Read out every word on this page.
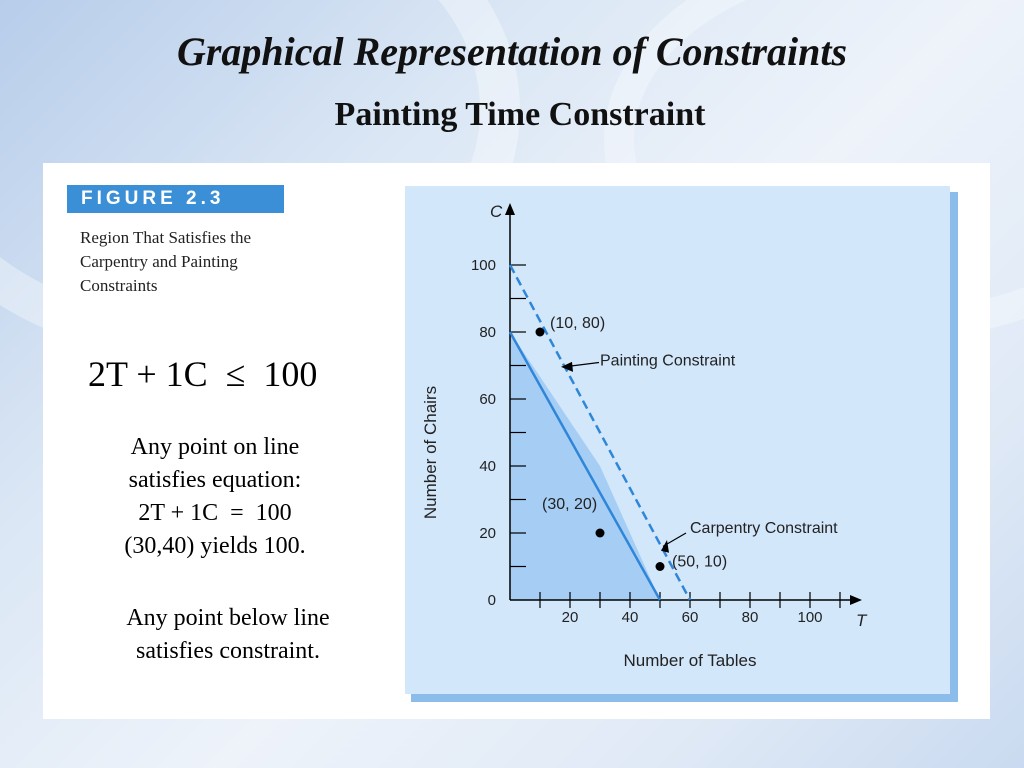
Graphical Representation of Constraints
Painting Time Constraint
FIGURE 2.3
Region That Satisfies the
Carpentry and Painting
Constraints
2T + 1C  ≤  100
Any point on line
satisfies equation:
2T + 1C  =  100
(30,40) yields 100.
Any point below line
satisfies constraint.
20	40	60	80	100
0
20
40
60
80
100
C
T
Number of Tables
Number of Chairs
Painting Constraint
Carpentry Constraint
(10, 80)
(30, 20)
(50, 10)
